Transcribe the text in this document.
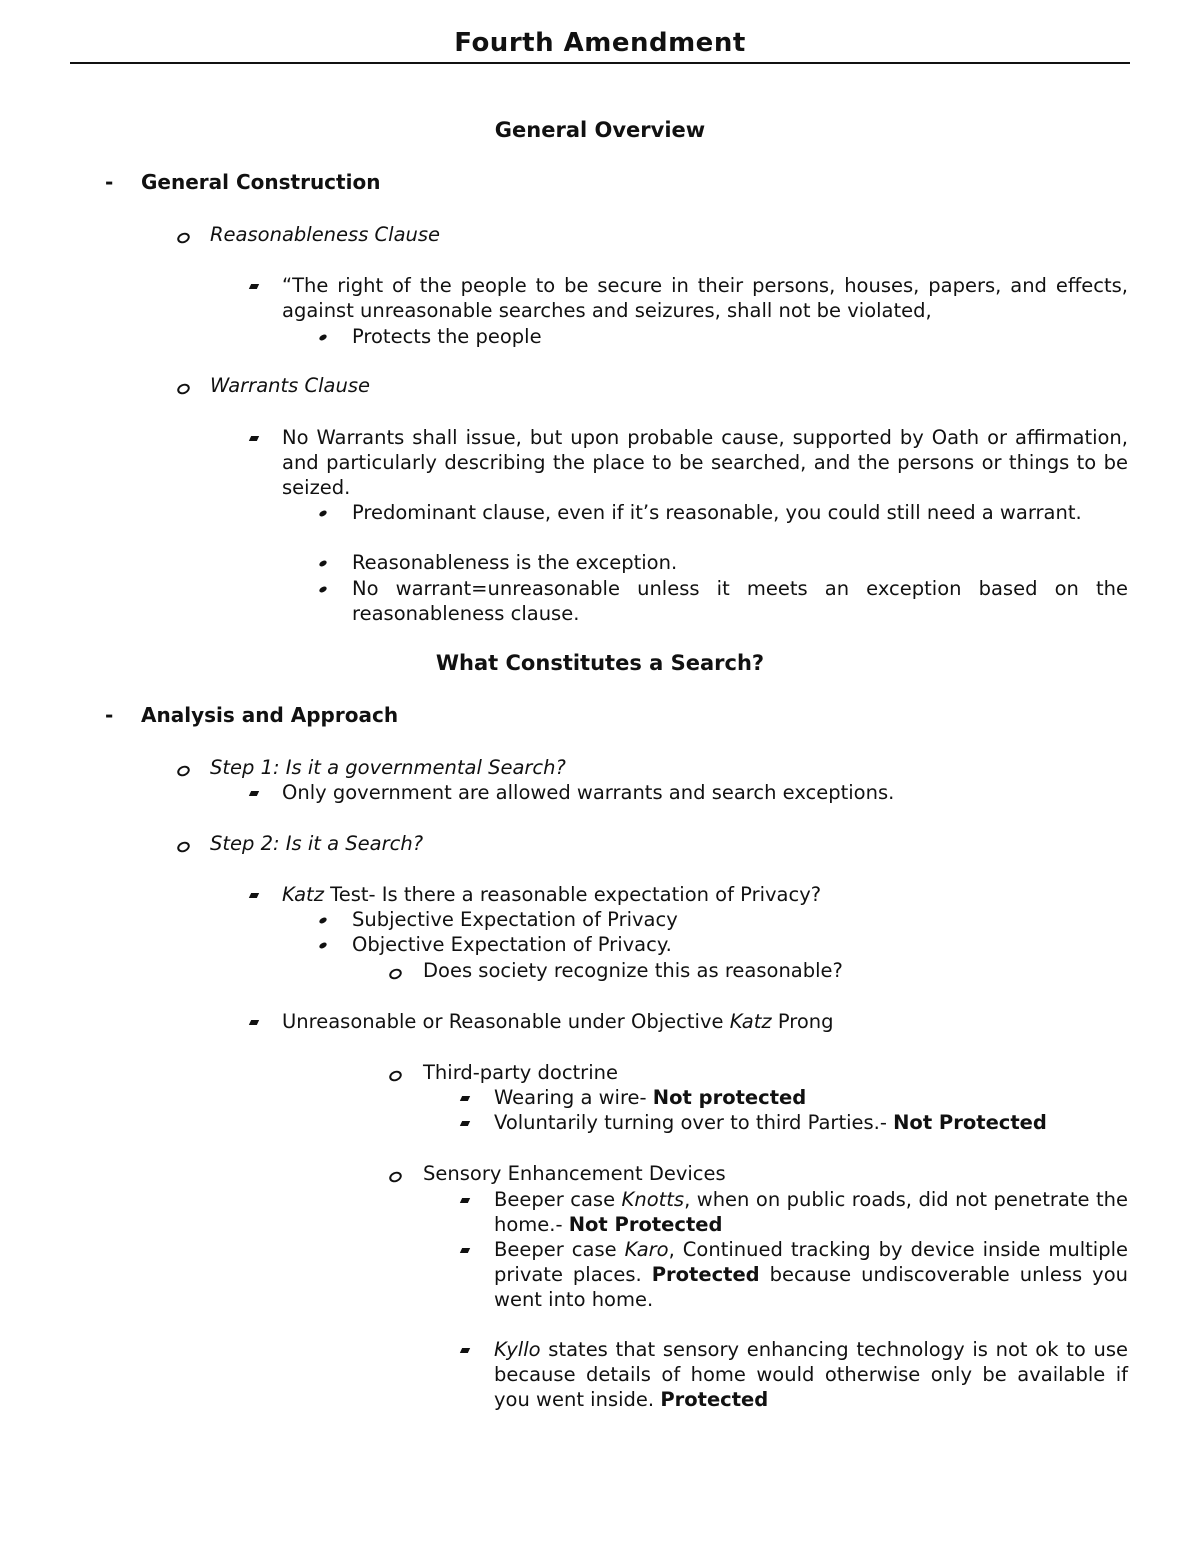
Fourth Amendment
General Overview
- General Construction
Reasonableness Clause
“The right of the people to be secure in their persons, houses, papers, and effects, against unreasonable searches and seizures, shall not be violated,
Protects the people
Warrants Clause
No Warrants shall issue, but upon probable cause, supported by Oath or affirmation, and particularly describing the place to be searched, and the persons or things to be seized.
Predominant clause, even if it’s reasonable, you could still need a warrant.
Reasonableness is the exception.
No warrant=unreasonable unless it meets an exception based on the reasonableness clause.
What Constitutes a Search?
- Analysis and Approach
Step 1: Is it a governmental Search?
Only government are allowed warrants and search exceptions.
Step 2: Is it a Search?
Katz Test- Is there a reasonable expectation of Privacy?
Subjective Expectation of Privacy
Objective Expectation of Privacy.
Does society recognize this as reasonable?
Unreasonable or Reasonable under Objective Katz Prong
Third-party doctrine
Wearing a wire- Not protected
Voluntarily turning over to third Parties.- Not Protected
Sensory Enhancement Devices
Beeper case Knotts, when on public roads, did not penetrate the home.- Not Protected
Beeper case Karo, Continued tracking by device inside multiple private places. Protected because undiscoverable unless you went into home.
Kyllo states that sensory enhancing technology is not ok to use because details of home would otherwise only be available if you went inside. Protected
